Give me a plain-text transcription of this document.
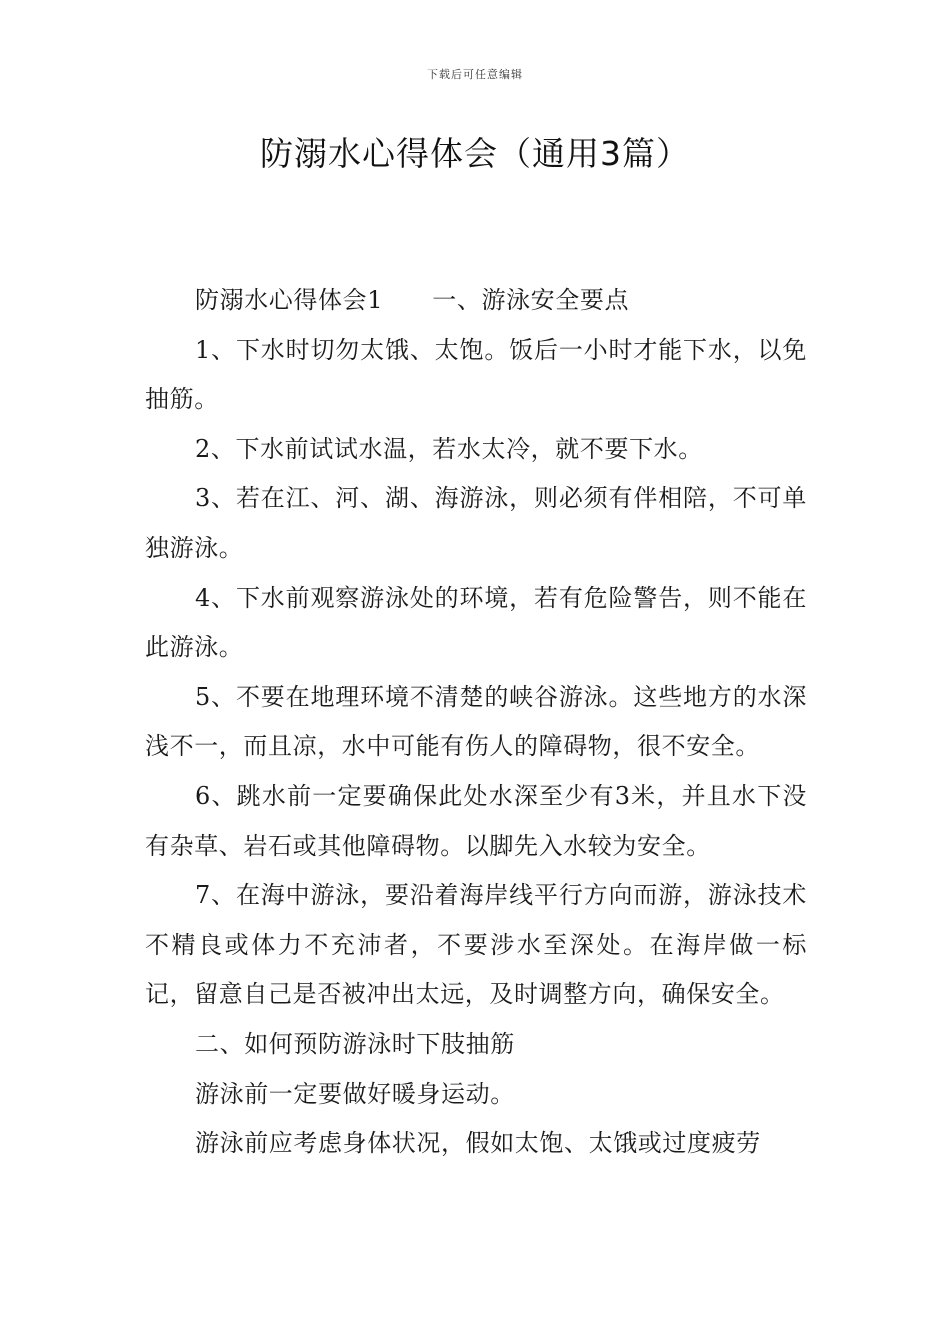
下载后可任意编辑
防溺水心得体会（通用3篇）

防溺水心得体会1　　一、游泳安全要点

1、下水时切勿太饿、太饱。饭后一小时才能下水，以免抽筋。

2、下水前试试水温，若水太冷，就不要下水。

3、若在江、河、湖、海游泳，则必须有伴相陪，不可单独游泳。

4、下水前观察游泳处的环境，若有危险警告，则不能在此游泳。

5、不要在地理环境不清楚的峡谷游泳。这些地方的水深浅不一，而且凉，水中可能有伤人的障碍物，很不安全。

6、跳水前一定要确保此处水深至少有3米，并且水下没有杂草、岩石或其他障碍物。以脚先入水较为安全。

7、在海中游泳，要沿着海岸线平行方向而游，游泳技术不精良或体力不充沛者，不要涉水至深处。在海岸做一标记，留意自己是否被冲出太远，及时调整方向，确保安全。

二、如何预防游泳时下肢抽筋

游泳前一定要做好暖身运动。

游泳前应考虑身体状况，假如太饱、太饿或过度疲劳
